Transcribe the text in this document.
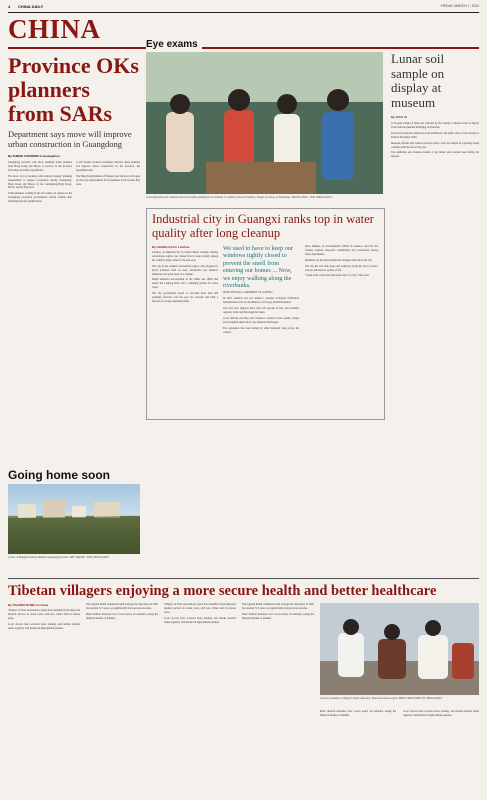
4 CHINA DAILY	FRIDAY, MARCH 7, 2024
CHINA
Province OKs planners from SARs
Department says move will improve urban construction in Guangdong
By ZHENG CAIXIONG in Guangzhou

Guangdong province will allow qualified urban planners from Hong Kong and Macao to practice in the province following successful experiments.

The move is in accordance with national strategic planning requirements to deepen cooperation among Guangdong, Hong Kong and Macao in the Guangdong-Hong Kong-Macao Greater Bay Area.

Urban planners working in the two SARs can register on the Guangdong provincial government's official website after obtaining relevant qualifications.

It will further promote exchanges between urban planners and improve urban construction in the province, the department said.

The Hong Kong Institute of Planners said the move will open up more job opportunities for its members in the Greater Bay Area.

Going home soon
A view of Hengqin island in Zhuhai, Guangdong province. ZHU HAIXIN / FOR CHINA DAILY
Eye exams
Local physicians and volunteers hold eye health examinations for students at a primary school in Xuzhou, Jiangsu province, on Wednesday. ZHANG PENG / FOR CHINA DAILY
Lunar soil sample on display at museum
By XIAO XI

A 35-gram sample of lunar soil collected by the Chang'e 5 mission went on display at the national museum in Beijing on Thursday.

It is the first time the sample has been exhibited to the public since it was returned to Earth in December 2020.

Museum officials said visitors would be able to view the sample in a specially made container until the end of the year.

The exhibition also features models of the lander and ascender used during the mission.

Industrial city in Guangxi ranks top in water quality after long cleanup
By HUANG KAI in Liuzhou

Liuzhou, an industrial city in South China's Guangxi Zhuang autonomous region, was ranked first in water quality among the country's major cities for the past year.

The city in the southern autonomous region, once plagued by heavy pollution from its steel, automobile and chemical industries, has spent years on a cleanup.

Rapid industrial development in the 1980s and 1990s had turned the Liujiang River into a dumping ground for waste water.

The city government closed or relocated more than 200 polluting factories over the past two decades and built a network of sewage treatment plants.

We used to have to keep our windows tightly closed to prevent the smell from entering our homes ... Now, we enjoy walking along the riverbanks.
WANG ZHIGANG, A RESIDENT OF LIUZHOU

In 2023, Liuzhou was also named a national ecological civilization demonstration zone by the Ministry of Ecology and Environment.

The river now supports more than 100 species of fish, and residents regularly swim and fish along the banks.

Local officials said they will continue to monitor water quality closely and strengthen supervision over industrial discharges.

The experience has been studied by other industrial cities across the country.

Zhou Jianhua, an environmental official in Liuzhou, said that the cleanup required long-term commitment and cooperation among many departments.

Residents say the improvement has changed daily life in the city.

The city has also built parks and walkways along the river to attract tourists and improve quality of life.

"Clean water is the most important asset of a city," Zhou said.

Tibetan villagers enjoying a more secure health and better healthcare
By PALDEN NYIMA in Lhasa

Villagers in Tibet autonomous region have benefited from improved medical services in recent years, with new clinics built in remote areas.

Local doctors have received more training, and mobile medical teams regularly visit herders in high-altitude pastures.

The regional health commission said average life expectancy in Tibet has reached 72.5 years, up significantly from previous decades.

Basic medical insurance now covers nearly all residents, easing the financial burden on families.

Villagers in Tibet autonomous region have benefited from improved medical services in recent years, with new clinics built in remote areas.

Local doctors have received more training, and mobile medical teams regularly visit herders in high-altitude pastures.

The regional health commission said average life expectancy in Tibet has reached 72.5 years, up significantly from previous decades.

Basic medical insurance now covers nearly all residents, easing the financial burden on families.

A doctor examines a villager in Ngari prefecture, Tibet autonomous region. PHOTO PROVIDED TO CHINA DAILY

Basic medical insurance now covers nearly all residents, easing the financial burden on families.

Local doctors have received more training, and mobile medical teams regularly visit herders in high-altitude pastures.
